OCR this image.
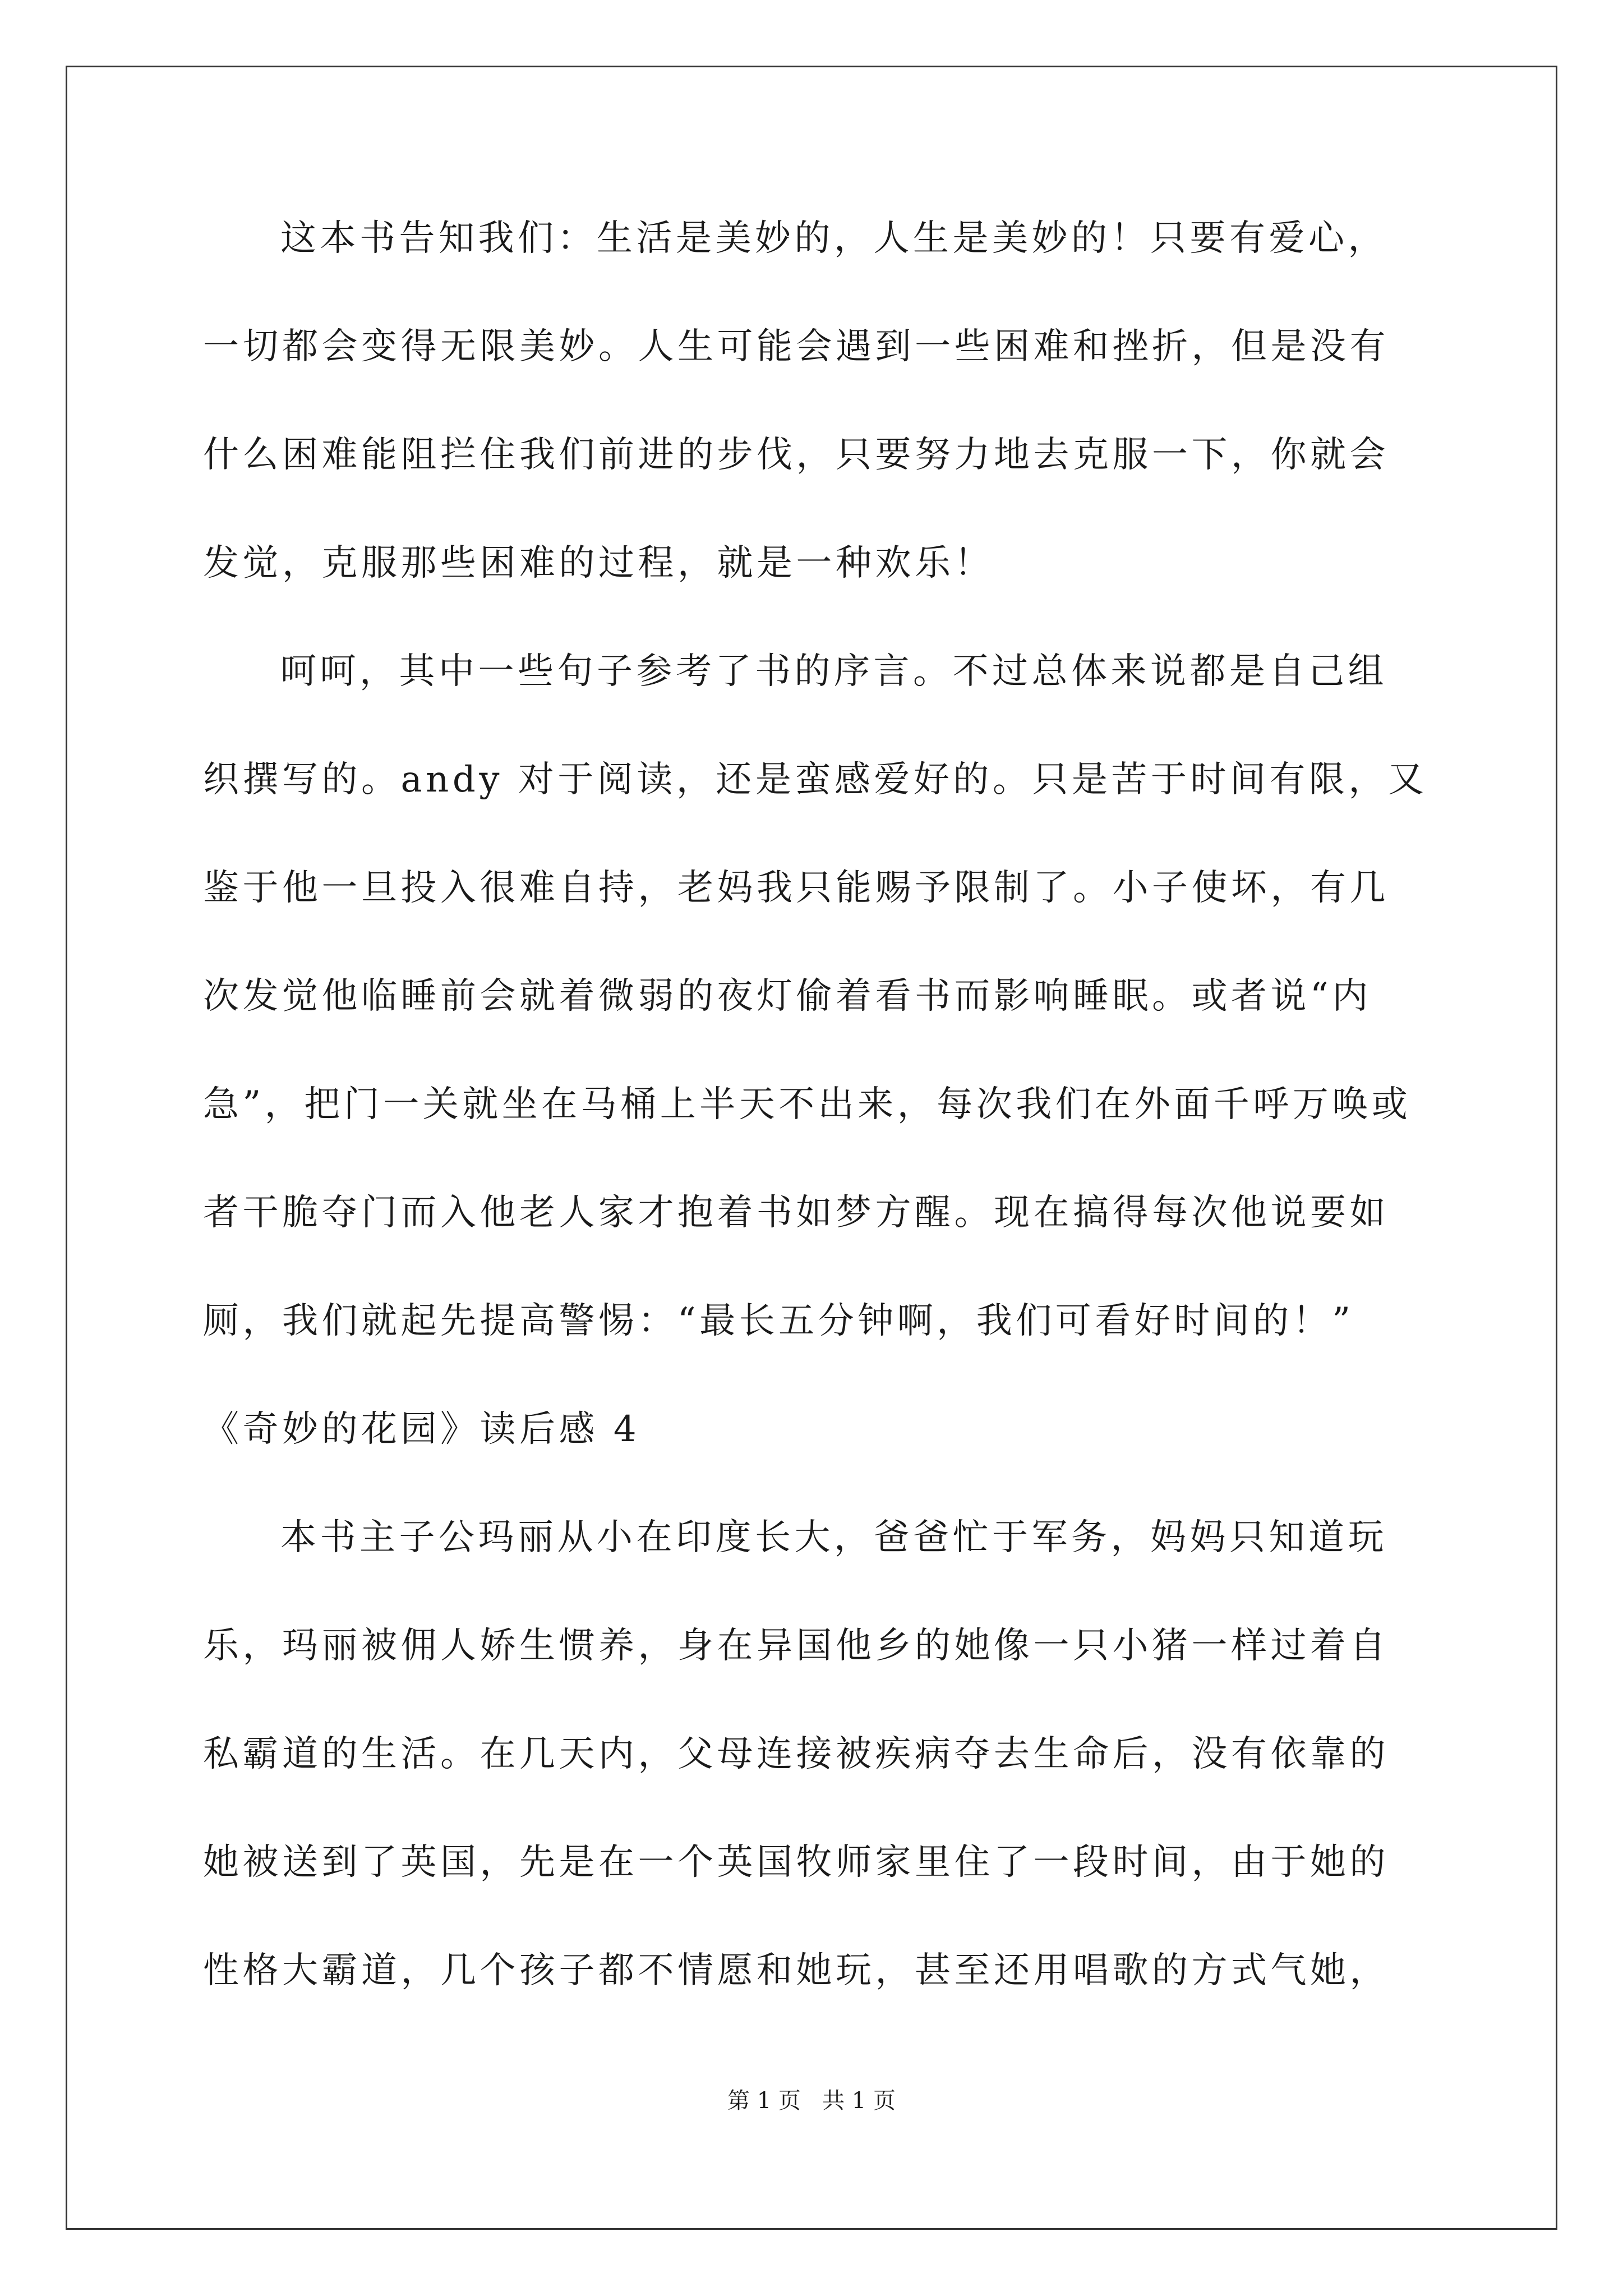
这本书告知我们：生活是美妙的，人生是美妙的！只要有爱心，
一切都会变得无限美妙。人生可能会遇到一些困难和挫折，但是没有
什么困难能阻拦住我们前进的步伐，只要努力地去克服一下，你就会
发觉，克服那些困难的过程，就是一种欢乐！
呵呵，其中一些句子参考了书的序言。不过总体来说都是自己组
织撰写的。andy 对于阅读，还是蛮感爱好的。只是苦于时间有限，又
鉴于他一旦投入很难自持，老妈我只能赐予限制了。小子使坏，有几
次发觉他临睡前会就着微弱的夜灯偷着看书而影响睡眠。或者说“内
急”，把门一关就坐在马桶上半天不出来，每次我们在外面千呼万唤或
者干脆夺门而入他老人家才抱着书如梦方醒。现在搞得每次他说要如
厕，我们就起先提高警惕：“最长五分钟啊，我们可看好时间的！”
《奇妙的花园》读后感 4
本书主子公玛丽从小在印度长大，爸爸忙于军务，妈妈只知道玩
乐，玛丽被佣人娇生惯养，身在异国他乡的她像一只小猪一样过着自
私霸道的生活。在几天内，父母连接被疾病夺去生命后，没有依靠的
她被送到了英国，先是在一个英国牧师家里住了一段时间，由于她的
性格大霸道，几个孩子都不情愿和她玩，甚至还用唱歌的方式气她，
第 1 页   共 1 页
